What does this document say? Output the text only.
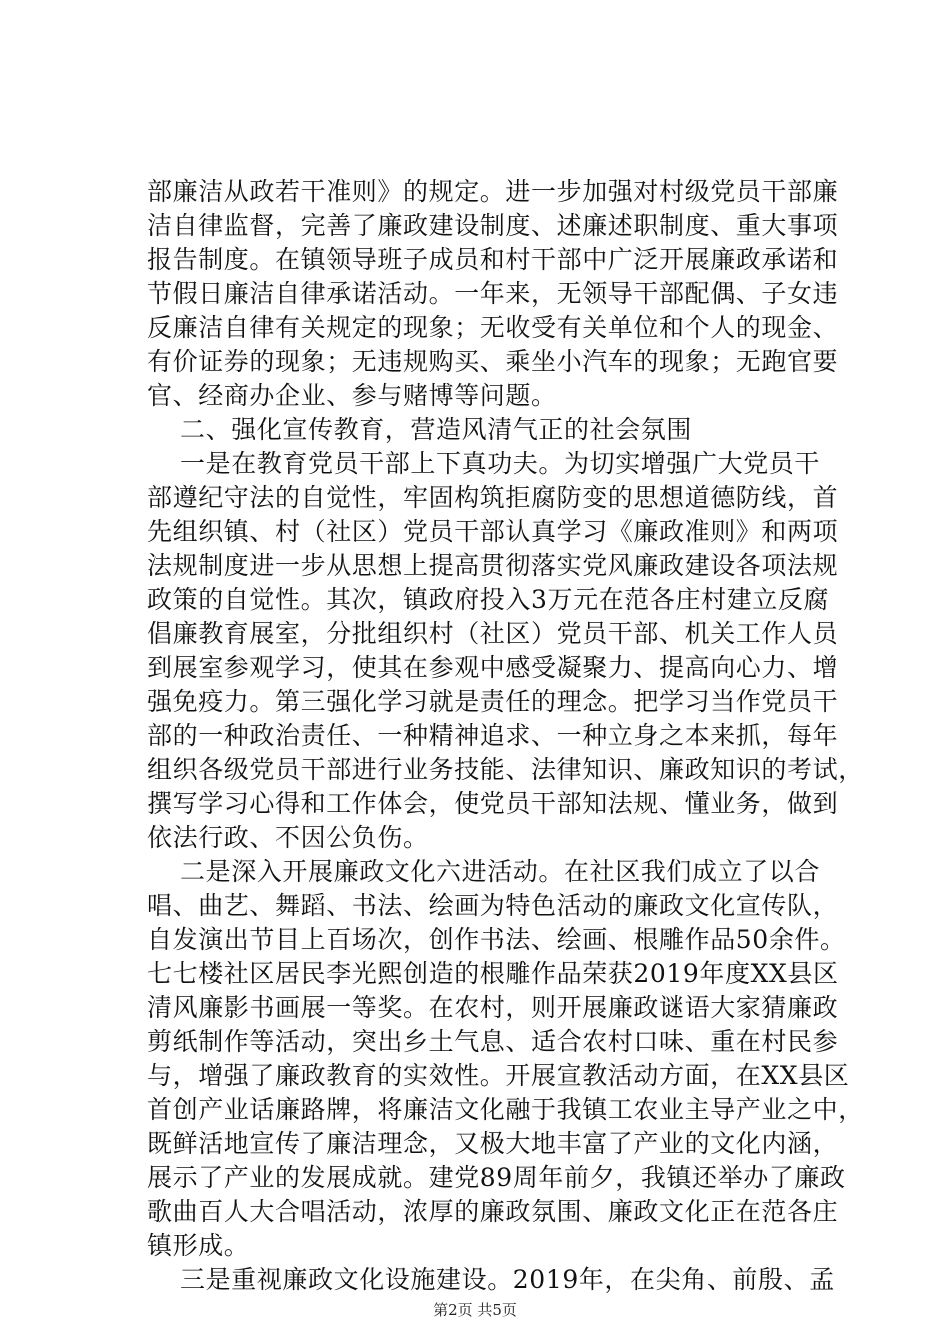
部廉洁从政若干准则》的规定。进一步加强对村级党员干部廉
洁自律监督，完善了廉政建设制度、述廉述职制度、重大事项
报告制度。在镇领导班子成员和村干部中广泛开展廉政承诺和
节假日廉洁自律承诺活动。一年来，无领导干部配偶、子女违
反廉洁自律有关规定的现象；无收受有关单位和个人的现金、
有价证券的现象；无违规购买、乘坐小汽车的现象；无跑官要
官、经商办企业、参与赌博等问题。
二、强化宣传教育，营造风清气正的社会氛围
一是在教育党员干部上下真功夫。为切实增强广大党员干
部遵纪守法的自觉性，牢固构筑拒腐防变的思想道德防线，首
先组织镇、村（社区）党员干部认真学习《廉政准则》和两项
法规制度进一步从思想上提高贯彻落实党风廉政建设各项法规
政策的自觉性。其次，镇政府投入3万元在范各庄村建立反腐
倡廉教育展室，分批组织村（社区）党员干部、机关工作人员
到展室参观学习，使其在参观中感受凝聚力、提高向心力、增
强免疫力。第三强化学习就是责任的理念。把学习当作党员干
部的一种政治责任、一种精神追求、一种立身之本来抓，每年
组织各级党员干部进行业务技能、法律知识、廉政知识的考试，
撰写学习心得和工作体会，使党员干部知法规、懂业务，做到
依法行政、不因公负伤。
二是深入开展廉政文化六进活动。在社区我们成立了以合
唱、曲艺、舞蹈、书法、绘画为特色活动的廉政文化宣传队，
自发演出节目上百场次，创作书法、绘画、根雕作品50余件。
七七楼社区居民李光熙创造的根雕作品荣获2019年度XX县区
清风廉影书画展一等奖。在农村，则开展廉政谜语大家猜廉政
剪纸制作等活动，突出乡土气息、适合农村口味、重在村民参
与，增强了廉政教育的实效性。开展宣教活动方面，在XX县区
首创产业话廉路牌，将廉洁文化融于我镇工农业主导产业之中，
既鲜活地宣传了廉洁理念，又极大地丰富了产业的文化内涵，
展示了产业的发展成就。建党89周年前夕，我镇还举办了廉政
歌曲百人大合唱活动，浓厚的廉政氛围、廉政文化正在范各庄
镇形成。
三是重视廉政文化设施建设。2019年，在尖角、前殷、孟
第2页 共5页
